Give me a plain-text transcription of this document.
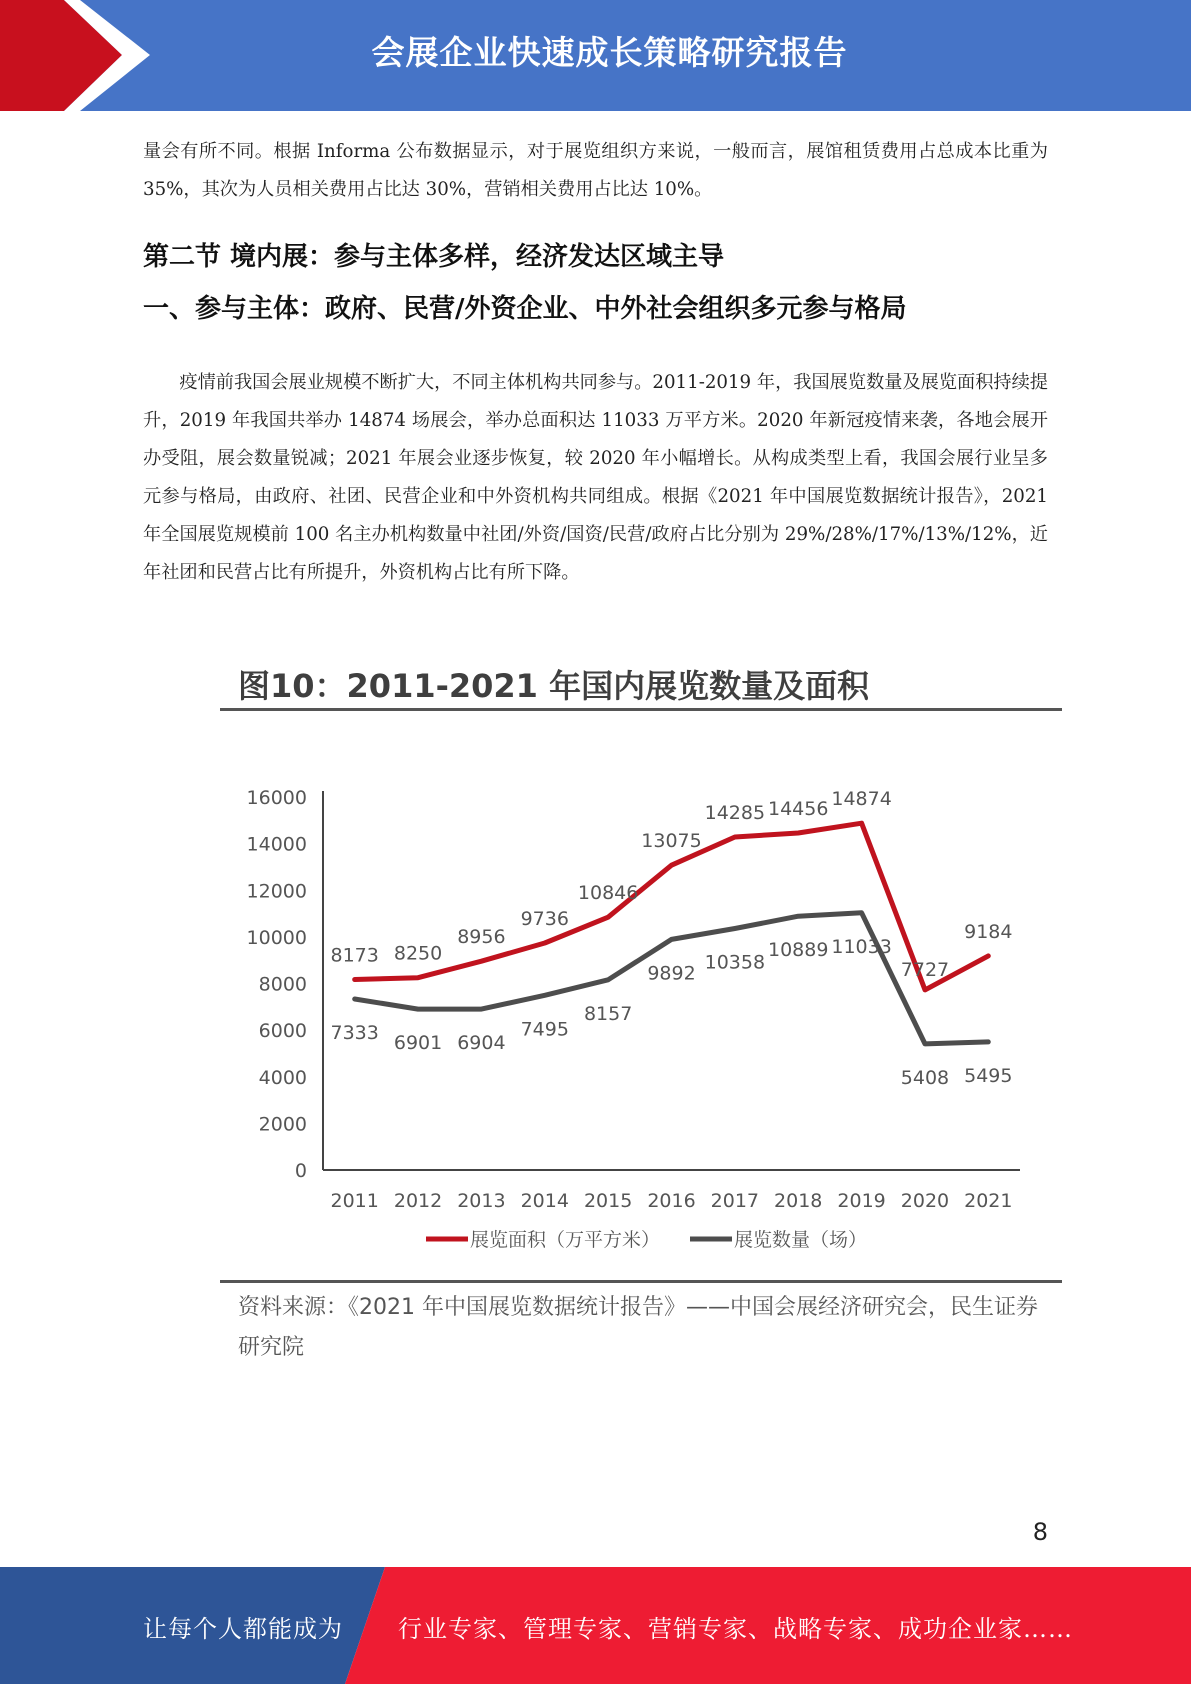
会展企业快速成长策略研究报告

量会有所不同。根据 Informa 公布数据显示，对于展览组织方来说，一般而言，展馆租赁费用占总成本比重为 35%，其次为人员相关费用占比达 30%，营销相关费用占比达 10%。

第二节 境内展：参与主体多样，经济发达区域主导
一、参与主体：政府、民营/外资企业、中外社会组织多元参与格局

疫情前我国会展业规模不断扩大，不同主体机构共同参与。2011-2019 年，我国展览数量及展览面积持续提升，2019 年我国共举办 14874 场展会，举办总面积达 11033 万平方米。2020 年新冠疫情来袭，各地会展开办受阻，展会数量锐减；2021 年展会业逐步恢复，较 2020 年小幅增长。从构成类型上看，我国会展行业呈多元参与格局，由政府、社团、民营企业和中外资机构共同组成。根据《2021 年中国展览数据统计报告》，2021 年全国展览规模前 100 名主办机构数量中社团/外资/国资/民营/政府占比分别为 29%/28%/17%/13%/12%，近年社团和民营占比有所提升，外资机构占比有所下降。

图10：2011-2021 年国内展览数量及面积
0
2000
4000
6000
8000
10000
12000
14000
16000
2011 2012 2013 2014 2015 2016 2017 2018 2019 2020 2021
8173 8250
8956
9736
10846
13075
14285 14456 14874
7727
9184
7333 6901 6904
7495
8157
9892 10358
10889 11033
5408 5495
展览面积（万平方米）	展览数量（场）
资料来源：《2021 年中国展览数据统计报告》——中国会展经济研究会，民生证券研究院
8
让每个人都能成为 行业专家、管理专家、营销专家、战略专家、成功企业家……
